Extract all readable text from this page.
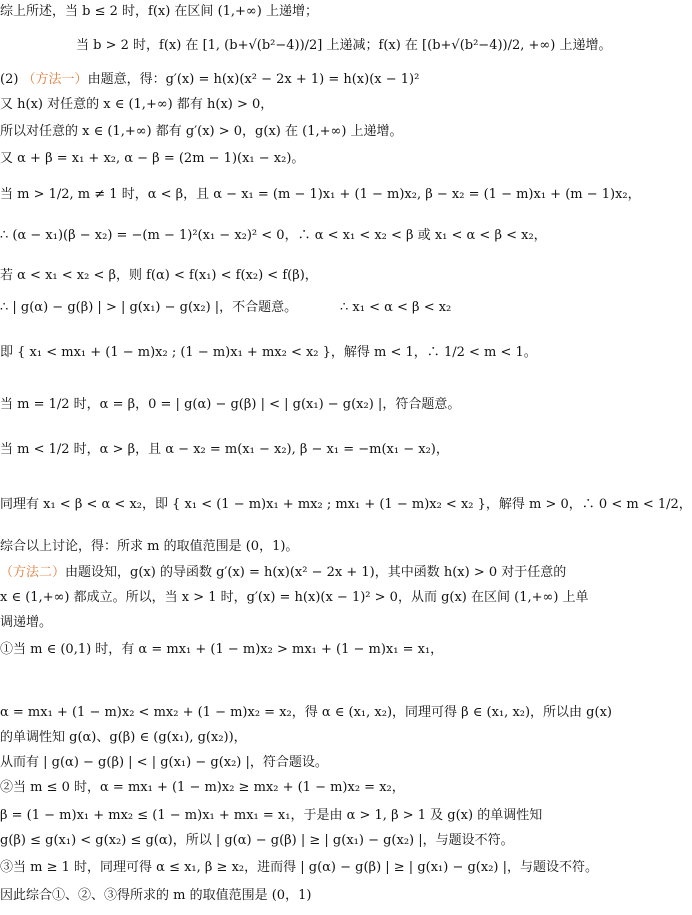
综上所述，当 b ≤ 2 时，f(x) 在区间 (1,+∞) 上递增；
当 b > 2 时，f(x) 在 [1, (b+√(b²−4))/2] 上递减；f(x) 在 [(b+√(b²−4))/2, +∞) 上递增。
(2) （方法一）由题意，得：g′(x) = h(x)(x² − 2x + 1) = h(x)(x − 1)²
又 h(x) 对任意的 x ∈ (1,+∞) 都有 h(x) > 0，
所以对任意的 x ∈ (1,+∞) 都有 g′(x) > 0，g(x) 在 (1,+∞) 上递增。
又 α + β = x₁ + x₂, α − β = (2m − 1)(x₁ − x₂)。
当 m > 1/2, m ≠ 1 时，α < β，且 α − x₁ = (m − 1)x₁ + (1 − m)x₂, β − x₂ = (1 − m)x₁ + (m − 1)x₂，
∴ (α − x₁)(β − x₂) = −(m − 1)²(x₁ − x₂)² < 0，∴ α < x₁ < x₂ < β 或 x₁ < α < β < x₂，
若 α < x₁ < x₂ < β，则 f(α) < f(x₁) < f(x₂) < f(β)，
∴ | g(α) − g(β) | > | g(x₁) − g(x₂) |，不合题意。	∴ x₁ < α < β < x₂
即 { x₁ < mx₁ + (1 − m)x₂ ; (1 − m)x₁ + mx₂ < x₂ }，解得 m < 1，∴ 1/2 < m < 1。
当 m = 1/2 时，α = β，0 = | g(α) − g(β) | < | g(x₁) − g(x₂) |，符合题意。
当 m < 1/2 时，α > β，且 α − x₂ = m(x₁ − x₂), β − x₁ = −m(x₁ − x₂)，
同理有 x₁ < β < α < x₂，即 { x₁ < (1 − m)x₁ + mx₂ ; mx₁ + (1 − m)x₂ < x₂ }，解得 m > 0，∴ 0 < m < 1/2，
综合以上讨论，得：所求 m 的取值范围是 (0，1)。
（方法二）由题设知，g(x) 的导函数 g′(x) = h(x)(x² − 2x + 1)，其中函数 h(x) > 0 对于任意的
x ∈ (1,+∞) 都成立。所以，当 x > 1 时，g′(x) = h(x)(x − 1)² > 0，从而 g(x) 在区间 (1,+∞) 上单
调递增。
①当 m ∈ (0,1) 时，有 α = mx₁ + (1 − m)x₂ > mx₁ + (1 − m)x₁ = x₁，
α = mx₁ + (1 − m)x₂ < mx₂ + (1 − m)x₂ = x₂，得 α ∈ (x₁, x₂)，同理可得 β ∈ (x₁, x₂)，所以由 g(x)
的单调性知 g(α)、g(β) ∈ (g(x₁), g(x₂))，
从而有 | g(α) − g(β) | < | g(x₁) − g(x₂) |，符合题设。
②当 m ≤ 0 时，α = mx₁ + (1 − m)x₂ ≥ mx₂ + (1 − m)x₂ = x₂，
β = (1 − m)x₁ + mx₂ ≤ (1 − m)x₁ + mx₁ = x₁，于是由 α > 1, β > 1 及 g(x) 的单调性知
g(β) ≤ g(x₁) < g(x₂) ≤ g(α)，所以 | g(α) − g(β) | ≥ | g(x₁) − g(x₂) |，与题设不符。
③当 m ≥ 1 时，同理可得 α ≤ x₁, β ≥ x₂，进而得 | g(α) − g(β) | ≥ | g(x₁) − g(x₂) |，与题设不符。
因此综合①、②、③得所求的 m 的取值范围是 (0，1)
